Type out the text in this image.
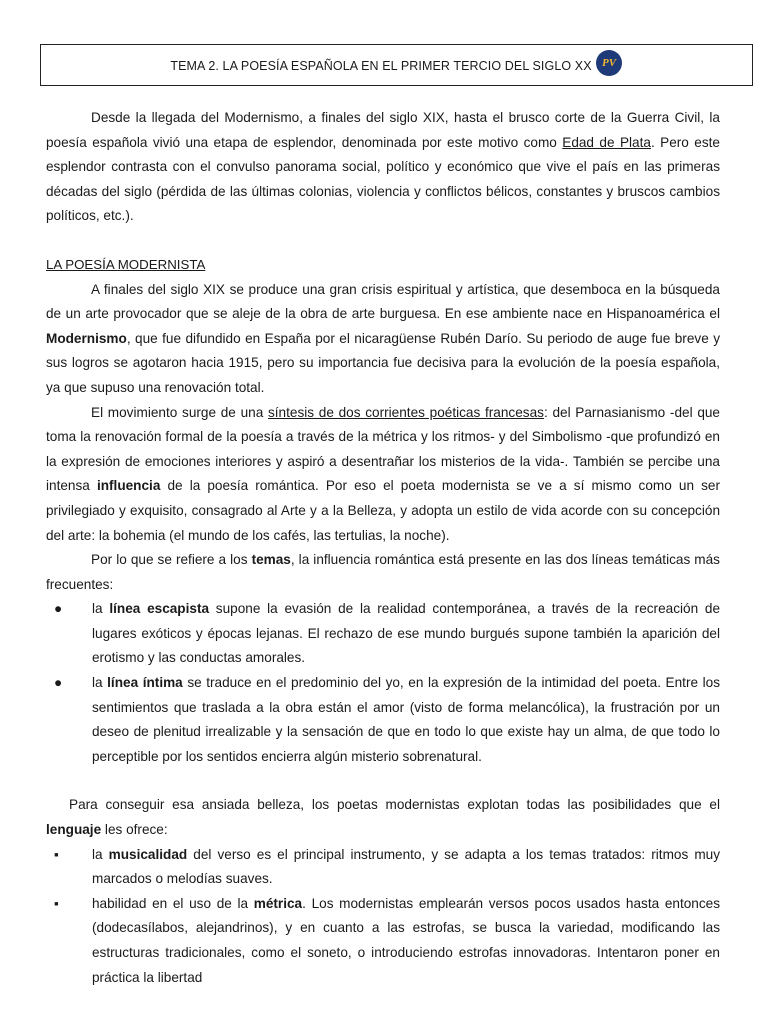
TEMA 2. LA POESÍA ESPAÑOLA EN EL PRIMER TERCIO DEL SIGLO XX PV

Desde la llegada del Modernismo, a finales del siglo XIX, hasta el brusco corte de la Guerra Civil, la poesía española vivió una etapa de esplendor, denominada por este motivo como Edad de Plata. Pero este esplendor contrasta con el convulso panorama social, político y económico que vive el país en las primeras décadas del siglo (pérdida de las últimas colonias, violencia y conflictos bélicos, constantes y bruscos cambios políticos, etc.).

LA POESÍA MODERNISTA

A finales del siglo XIX se produce una gran crisis espiritual y artística, que desemboca en la búsqueda de un arte provocador que se aleje de la obra de arte burguesa. En ese ambiente nace en Hispanoamérica el Modernismo, que fue difundido en España por el nicaragüense Rubén Darío. Su periodo de auge fue breve y sus logros se agotaron hacia 1915, pero su importancia fue decisiva para la evolución de la poesía española, ya que supuso una renovación total.

El movimiento surge de una síntesis de dos corrientes poéticas francesas: del Parnasianismo -del que toma la renovación formal de la poesía a través de la métrica y los ritmos- y del Simbolismo -que profundizó en la expresión de emociones interiores y aspiró a desentrañar los misterios de la vida-. También se percibe una intensa influencia de la poesía romántica. Por eso el poeta modernista se ve a sí mismo como un ser privilegiado y exquisito, consagrado al Arte y a la Belleza, y adopta un estilo de vida acorde con su concepción del arte: la bohemia (el mundo de los cafés, las tertulias, la noche).

Por lo que se refiere a los temas, la influencia romántica está presente en las dos líneas temáticas más frecuentes:

● la línea escapista supone la evasión de la realidad contemporánea, a través de la recreación de lugares exóticos y épocas lejanas. El rechazo de ese mundo burgués supone también la aparición del erotismo y las conductas amorales.
● la línea íntima se traduce en el predominio del yo, en la expresión de la intimidad del poeta. Entre los sentimientos que traslada a la obra están el amor (visto de forma melancólica), la frustración por un deseo de plenitud irrealizable y la sensación de que en todo lo que existe hay un alma, de que todo lo perceptible por los sentidos encierra algún misterio sobrenatural.

Para conseguir esa ansiada belleza, los poetas modernistas explotan todas las posibilidades que el lenguaje les ofrece:

▪ la musicalidad del verso es el principal instrumento, y se adapta a los temas tratados: ritmos muy marcados o melodías suaves.
▪ habilidad en el uso de la métrica. Los modernistas emplearán versos pocos usados hasta entonces (dodecasílabos, alejandrinos), y en cuanto a las estrofas, se busca la variedad, modificando las estructuras tradicionales, como el soneto, o introduciendo estrofas innovadoras. Intentaron poner en práctica la libertad
